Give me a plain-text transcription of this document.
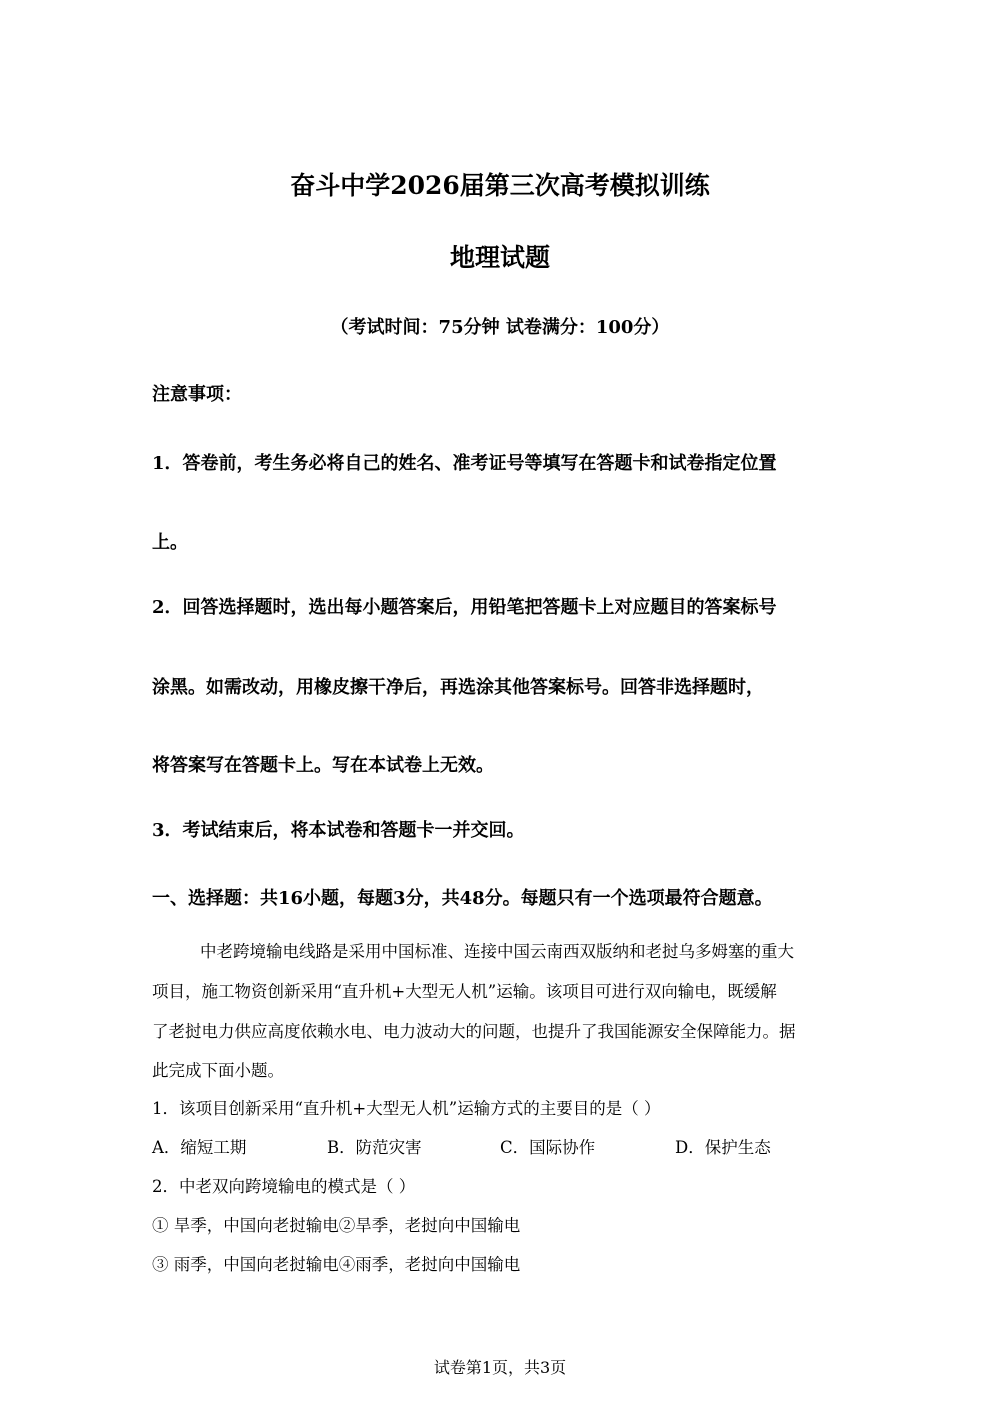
奋斗中学2026届第三次高考模拟训练
地理试题
（考试时间：75分钟 试卷满分：100分）
注意事项：
1．答卷前，考生务必将自己的姓名、准考证号等填写在答题卡和试卷指定位置
上。
2．回答选择题时，选出每小题答案后，用铅笔把答题卡上对应题目的答案标号
涂黑。如需改动，用橡皮擦干净后，再选涂其他答案标号。回答非选择题时，
将答案写在答题卡上。写在本试卷上无效。
3．考试结束后，将本试卷和答题卡一并交回。
一、选择题：共16小题，每题3分，共48分。每题只有一个选项最符合题意。
中老跨境输电线路是采用中国标准、连接中国云南西双版纳和老挝乌多姆塞的重大
项目，施工物资创新采用“直升机+大型无人机”运输。该项目可进行双向输电，既缓解
了老挝电力供应高度依赖水电、电力波动大的问题，也提升了我国能源安全保障能力。据
此完成下面小题。
1．该项目创新采用“直升机+大型无人机”运输方式的主要目的是（ ）
A．缩短工期	B．防范灾害	C．国际协作	D．保护生态
2．中老双向跨境输电的模式是（ ）
① 旱季，中国向老挝输电②旱季，老挝向中国输电
③ 雨季，中国向老挝输电④雨季，老挝向中国输电
试卷第1页，共3页
